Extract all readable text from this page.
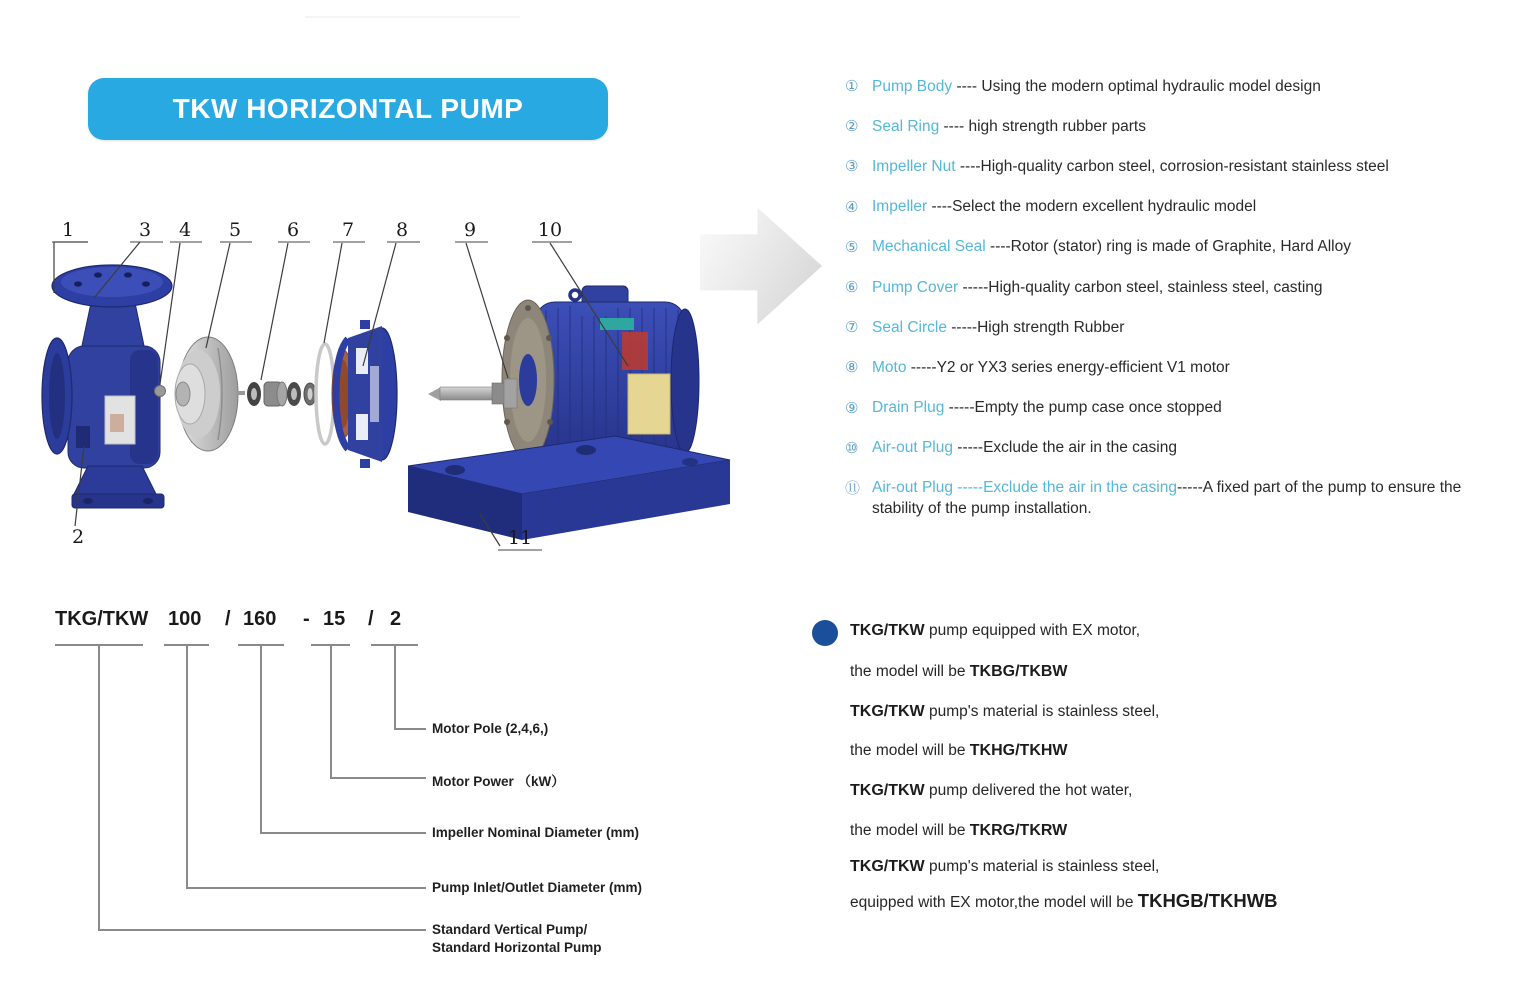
TKW HORIZONTAL PUMP
1
2
3 4 5 6 7 8	9	10
11
① Pump Body ---- Using the modern optimal hydraulic model design
② Seal Ring ---- high strength rubber parts
③ Impeller Nut ----High-quality carbon steel, corrosion-resistant stainless steel
④ Impeller ----Select the modern excellent hydraulic model
⑤ Mechanical Seal ----Rotor (stator) ring is made of Graphite, Hard Alloy
⑥ Pump Cover -----High-quality carbon steel, stainless steel, casting
⑦ Seal Circle -----High strength Rubber
⑧ Moto -----Y2 or YX3 series energy-efficient V1 motor
⑨ Drain Plug -----Empty the pump case once stopped
⑩ Air-out Plug -----Exclude the air in the casing
⑪ Air-out Plug -----Exclude the air in the casing-----A fixed part of the pump to ensure the stability of the pump installation.
TKG/TKW 100 / 160 - 15 / 2
Motor Pole (2,4,6,)
Motor Power （kW）
Impeller Nominal Diameter (mm)
Pump Inlet/Outlet Diameter (mm)
Standard Vertical Pump/
Standard Horizontal Pump
TKG/TKW pump equipped with EX motor,
the model will be TKBG/TKBW
TKG/TKW pump's material is stainless steel,
the model will be TKHG/TKHW
TKG/TKW pump delivered the hot water,
the model will be TKRG/TKRW
TKG/TKW pump's material is stainless steel,
equipped with EX motor,the model will be TKHGB/TKHWB
